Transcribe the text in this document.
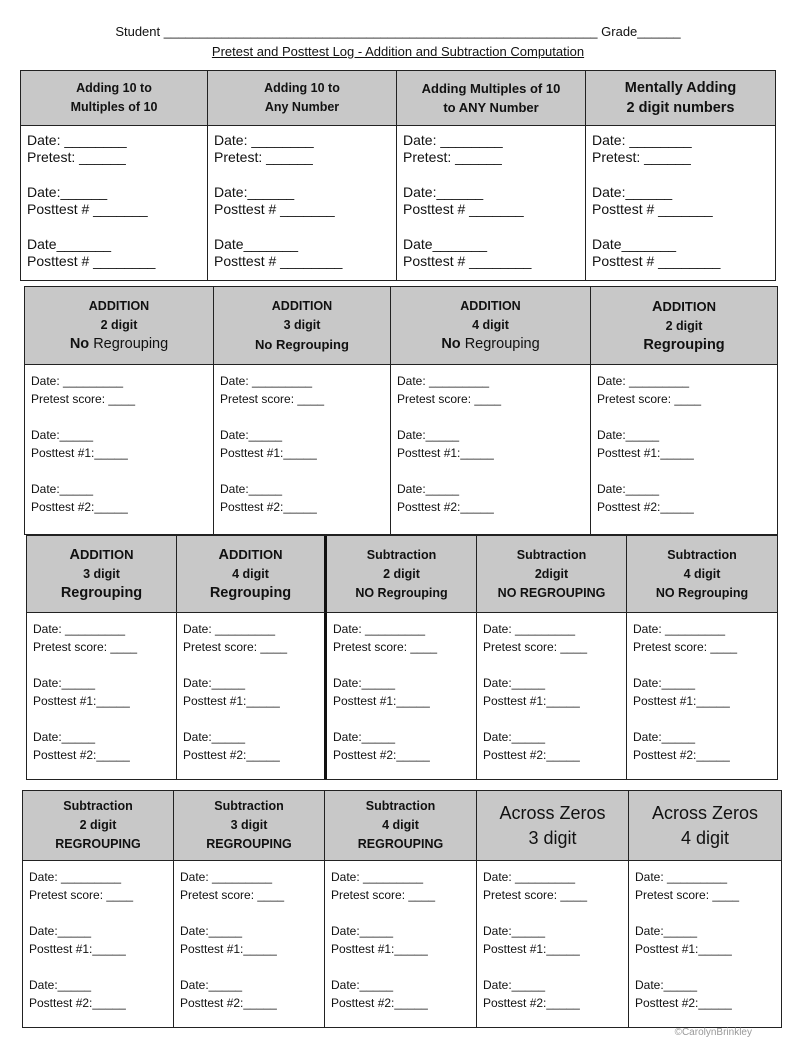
Student ____________________________________________________________ Grade______
Pretest and Posttest Log - Addition and Subtraction Computation
Adding 10 to
Multiples of 10
Adding 10 to
Any Number
Adding Multiples of 10
to ANY Number
Mentally Adding
2 digit numbers
Date: ________
Pretest: ______
Date:______
Posttest # _______
Date_______
Posttest # ________
Date: ________
Pretest: ______
Date:______
Posttest # _______
Date_______
Posttest # ________
Date: ________
Pretest: ______
Date:______
Posttest # _______
Date_______
Posttest # ________
Date: ________
Pretest: ______
Date:______
Posttest # _______
Date_______
Posttest # ________
ADDITION
2 digit
No Regrouping
ADDITION
3 digit
No Regrouping
ADDITION
4 digit
No Regrouping
ADDITION
2 digit
Regrouping
Date: _________
Pretest score: ____
Date:_____
Posttest #1:_____
Date:_____
Posttest #2:_____
Date: _________
Pretest score: ____
Date:_____
Posttest #1:_____
Date:_____
Posttest #2:_____
Date: _________
Pretest score: ____
Date:_____
Posttest #1:_____
Date:_____
Posttest #2:_____
Date: _________
Pretest score: ____
Date:_____
Posttest #1:_____
Date:_____
Posttest #2:_____
ADDITION
3 digit
Regrouping
ADDITION
4 digit
Regrouping
Subtraction
2 digit
NO Regrouping
Subtraction
2digit
NO REGROUPING
Subtraction
4 digit
NO Regrouping
Date: _________
Pretest score: ____
Date:_____
Posttest #1:_____
Date:_____
Posttest #2:_____
Date: _________
Pretest score: ____
Date:_____
Posttest #1:_____
Date:_____
Posttest #2:_____
Date: _________
Pretest score: ____
Date:_____
Posttest #1:_____
Date:_____
Posttest #2:_____
Date: _________
Pretest score: ____
Date:_____
Posttest #1:_____
Date:_____
Posttest #2:_____
Date: _________
Pretest score: ____
Date:_____
Posttest #1:_____
Date:_____
Posttest #2:_____
Subtraction
2 digit
REGROUPING
Subtraction
3 digit
REGROUPING
Subtraction
4 digit
REGROUPING
Across Zeros
3 digit
Across Zeros
4 digit
Date: _________
Pretest score: ____
Date:_____
Posttest #1:_____
Date:_____
Posttest #2:_____
Date: _________
Pretest score: ____
Date:_____
Posttest #1:_____
Date:_____
Posttest #2:_____
Date: _________
Pretest score: ____
Date:_____
Posttest #1:_____
Date:_____
Posttest #2:_____
Date: _________
Pretest score: ____
Date:_____
Posttest #1:_____
Date:_____
Posttest #2:_____
Date: _________
Pretest score: ____
Date:_____
Posttest #1:_____
Date:_____
Posttest #2:_____
©CarolynBrinkley
